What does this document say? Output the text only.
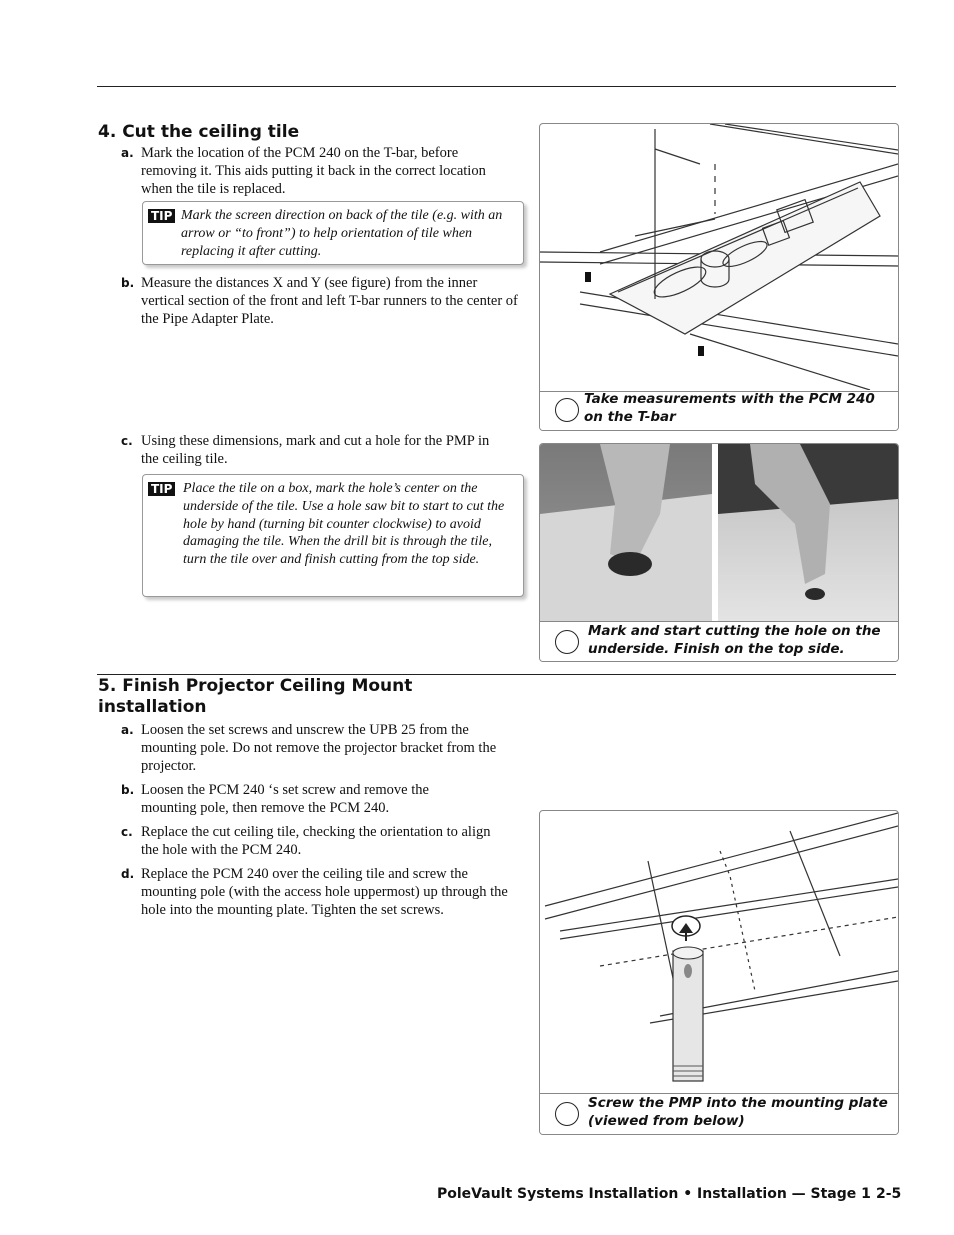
4. Cut the ceiling tile
a. Mark the location of the PCM 240 on the T-bar, before removing it. This aids putting it back in the correct location when the tile is replaced.
TIP Mark the screen direction on back of the tile (e.g. with an arrow or “to front”) to help orientation of tile when replacing it after cutting.
b. Measure the distances X and Y (see figure) from the inner vertical section of the front and left T-bar runners to the center of the Pipe Adapter Plate.
c. Using these dimensions, mark and cut a hole for the PMP in the ceiling tile.
TIP Place the tile on a box, mark the hole’s center on the underside of the tile. Use a hole saw bit to start to cut the hole by hand (turning bit counter clockwise) to avoid damaging the tile. When the drill bit is through the tile, turn the tile over and finish cutting from the top side.
Take measurements with the PCM 240 on the T-bar
Mark and start cutting the hole on the underside. Finish on the top side.
5. Finish Projector Ceiling Mount installation
a. Loosen the set screws and unscrew the UPB 25 from the mounting pole. Do not remove the projector bracket from the projector.
b. Loosen the PCM 240 ‘s set screw and remove the mounting pole, then remove the PCM 240.
c. Replace the cut ceiling tile, checking the orientation to align the hole with the PCM 240.
d. Replace the PCM 240 over the ceiling tile and screw the mounting pole (with the access hole uppermost) up through the hole into the mounting plate. Tighten the set screws.
Screw the PMP into the mounting plate (viewed from below)
PoleVault Systems Installation • Installation — Stage 1 2-5
